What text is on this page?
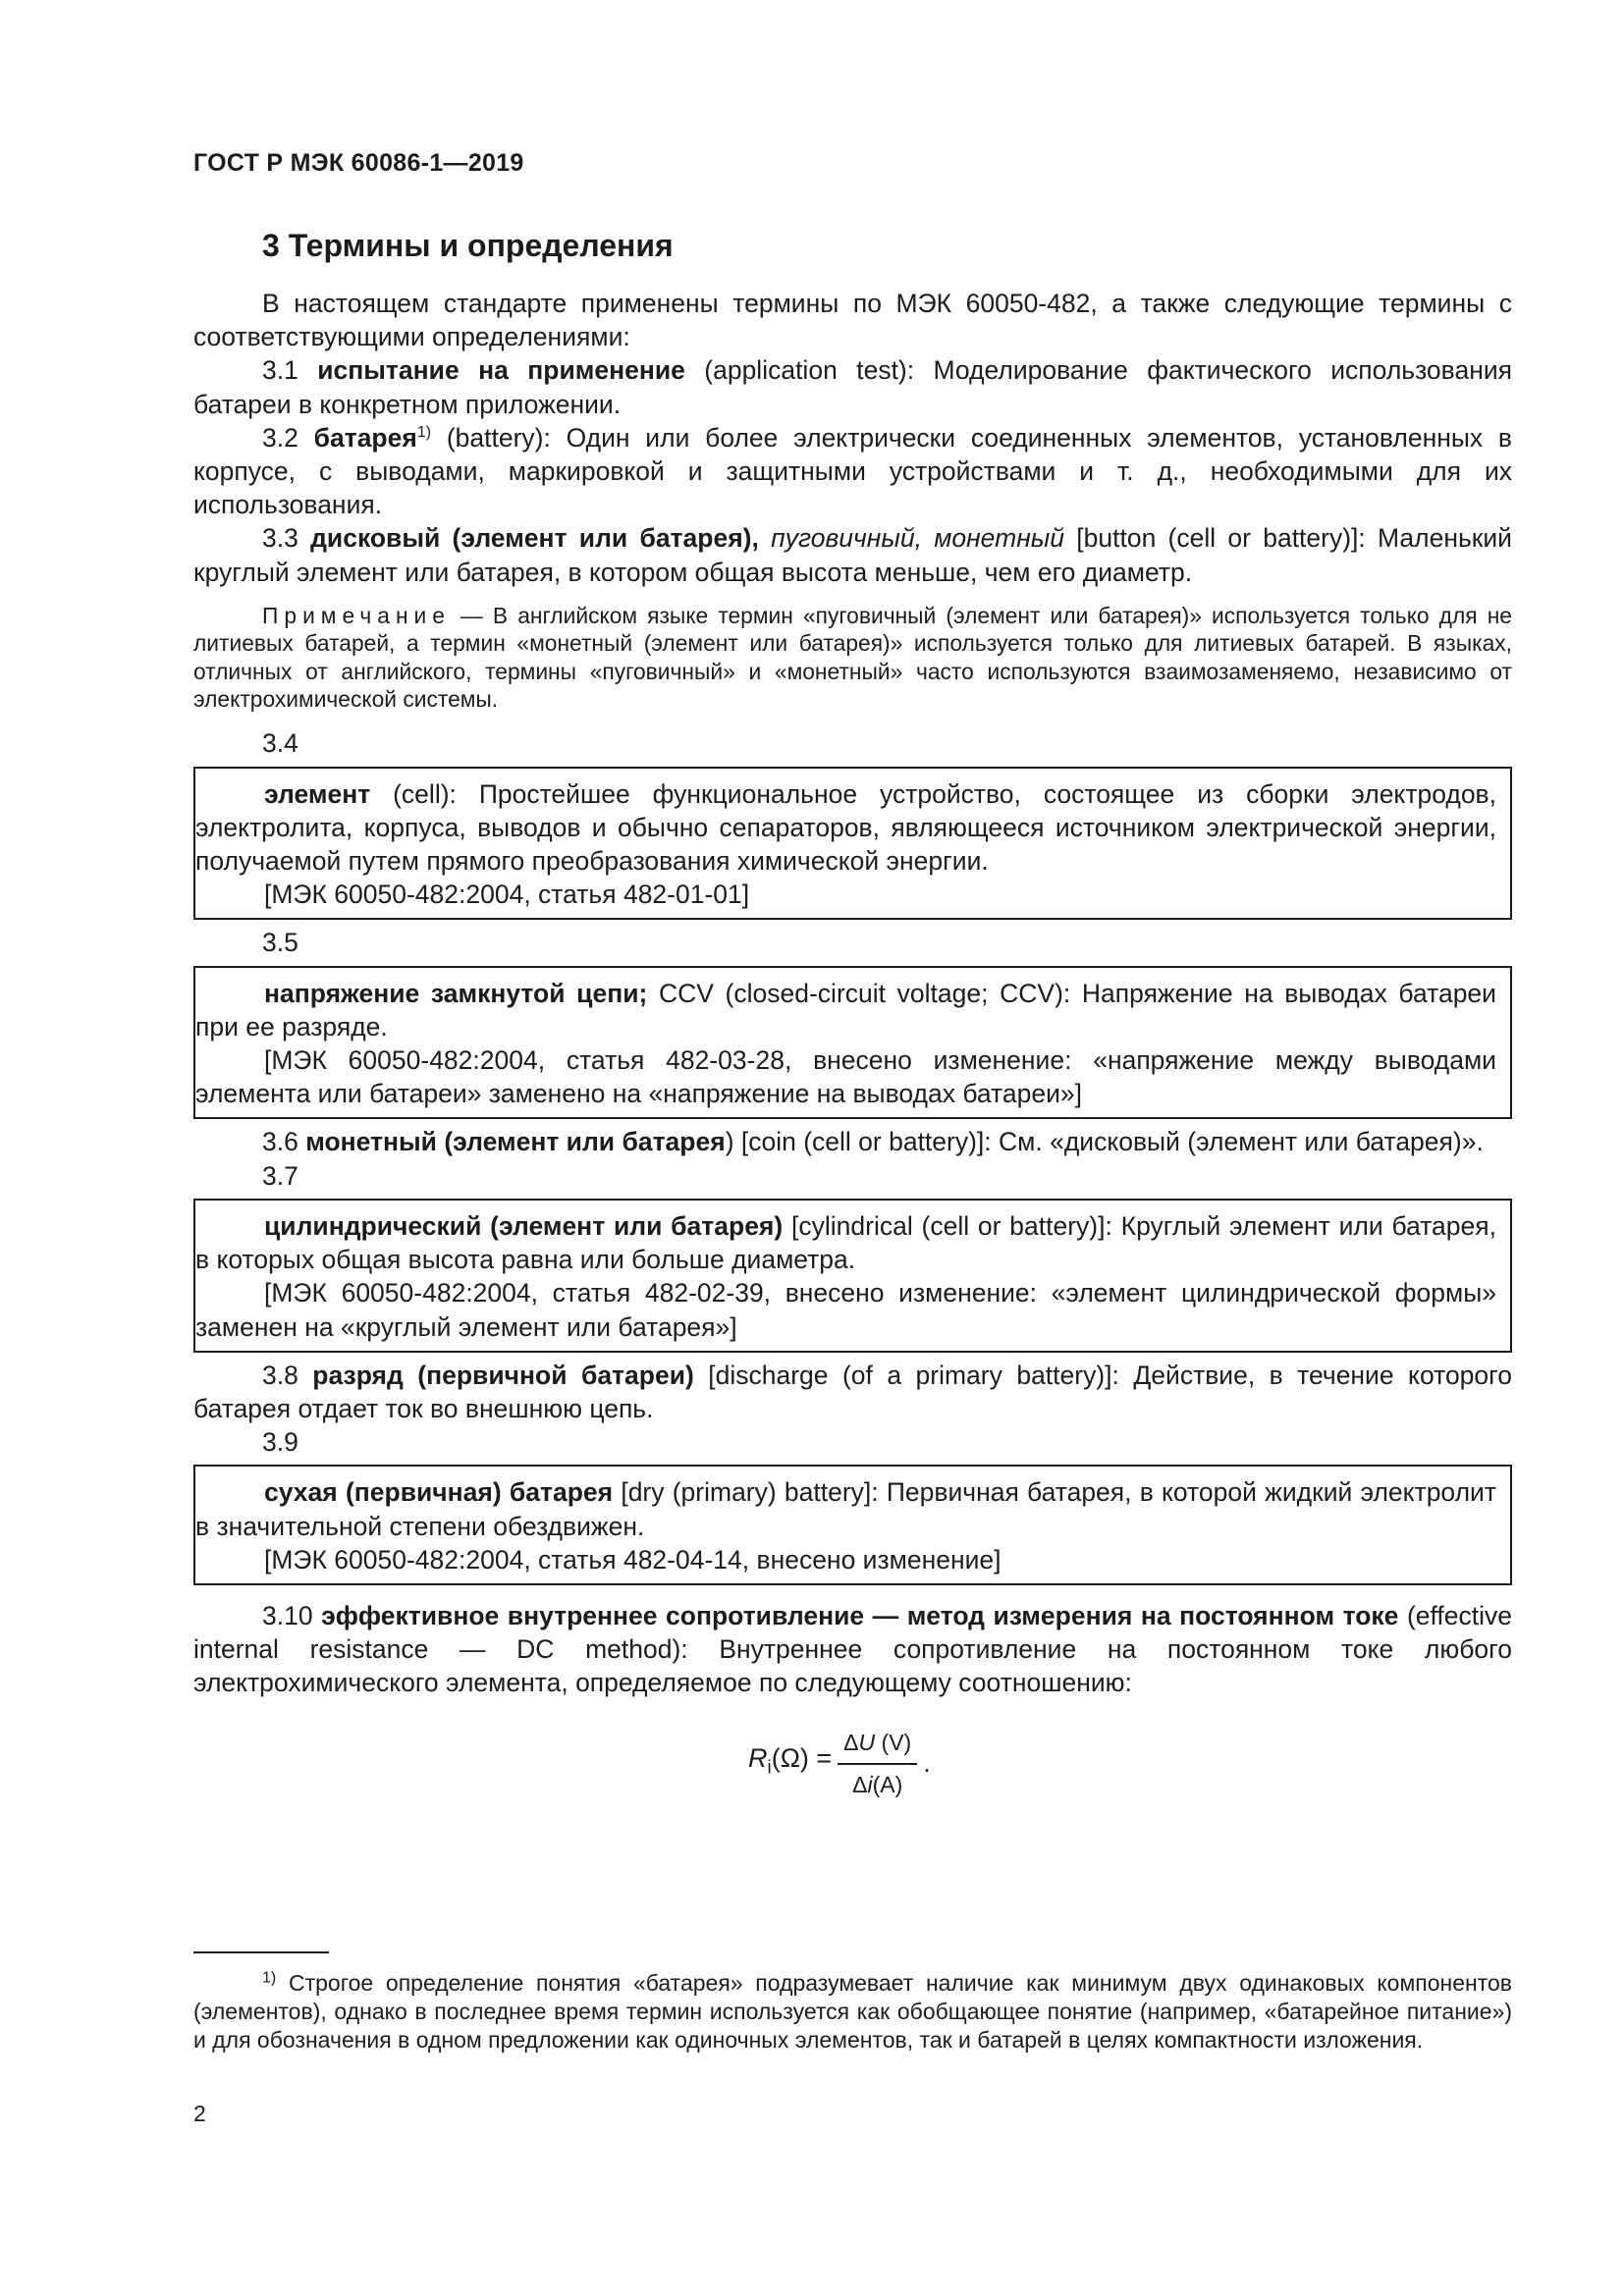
ГОСТ Р МЭК 60086-1—2019
3 Термины и определения

В настоящем стандарте применены термины по МЭК 60050-482, а также следующие термины с соответствующими определениями:

3.1 испытание на применение (application test): Моделирование фактического использования батареи в конкретном приложении.

3.2 батарея$^{1)}$ (battery): Один или более электрически соединенных элементов, установленных в корпусе, с выводами, маркировкой и защитными устройствами и т. д., необходимыми для их использования.

3.3 дисковый (элемент или батарея), пуговичный, монетный [button (cell or battery)]: Маленький круглый элемент или батарея, в котором общая высота меньше, чем его диаметр.

Примечание — В английском языке термин «пуговичный (элемент или батарея)» используется только для не литиевых батарей, а термин «монетный (элемент или батарея)» используется только для литиевых батарей. В языках, отличных от английского, термины «пуговичный» и «монетный» часто используются взаимозаменяемо, независимо от электрохимической системы.

3.4

элемент (cell): Простейшее функциональное устройство, состоящее из сборки электродов, электролита, корпуса, выводов и обычно сепараторов, являющееся источником электрической энергии, получаемой путем прямого преобразования химической энергии.

[МЭК 60050-482:2004, статья 482-01-01]

3.5

напряжение замкнутой цепи; CCV (closed-circuit voltage; CCV): Напряжение на выводах батареи при ее разряде.

[МЭК 60050-482:2004, статья 482-03-28, внесено изменение: «напряжение между выводами элемента или батареи» заменено на «напряжение на выводах батареи»]

3.6 монетный (элемент или батарея) [coin (cell or battery)]: См. «дисковый (элемент или батарея)».

3.7

цилиндрический (элемент или батарея) [cylindrical (cell or battery)]: Круглый элемент или батарея, в которых общая высота равна или больше диаметра.

[МЭК 60050-482:2004, статья 482-02-39, внесено изменение: «элемент цилиндрической формы» заменен на «круглый элемент или батарея»]

3.8 разряд (первичной батареи) [discharge (of a primary battery)]: Действие, в течение которого батарея отдает ток во внешнюю цепь.

3.9

сухая (первичная) батарея [dry (primary) battery]: Первичная батарея, в которой жидкий электролит в значительной степени обездвижен.

[МЭК 60050-482:2004, статья 482-04-14, внесено изменение]

3.10 эффективное внутреннее сопротивление — метод измерения на постоянном токе (effective internal resistance — DC method): Внутреннее сопротивление на постоянном токе любого электрохимического элемента, определяемое по следующему соотношению:

$R_i(\Omega) = \frac{\Delta U (V)}{\Delta i(A)}$ .

$^{1)}$ Строгое определение понятия «батарея» подразумевает наличие как минимум двух одинаковых компонентов (элементов), однако в последнее время термин используется как обобщающее понятие (например, «батарейное питание») и для обозначения в одном предложении как одиночных элементов, так и батарей в целях компактности изложения.

2
